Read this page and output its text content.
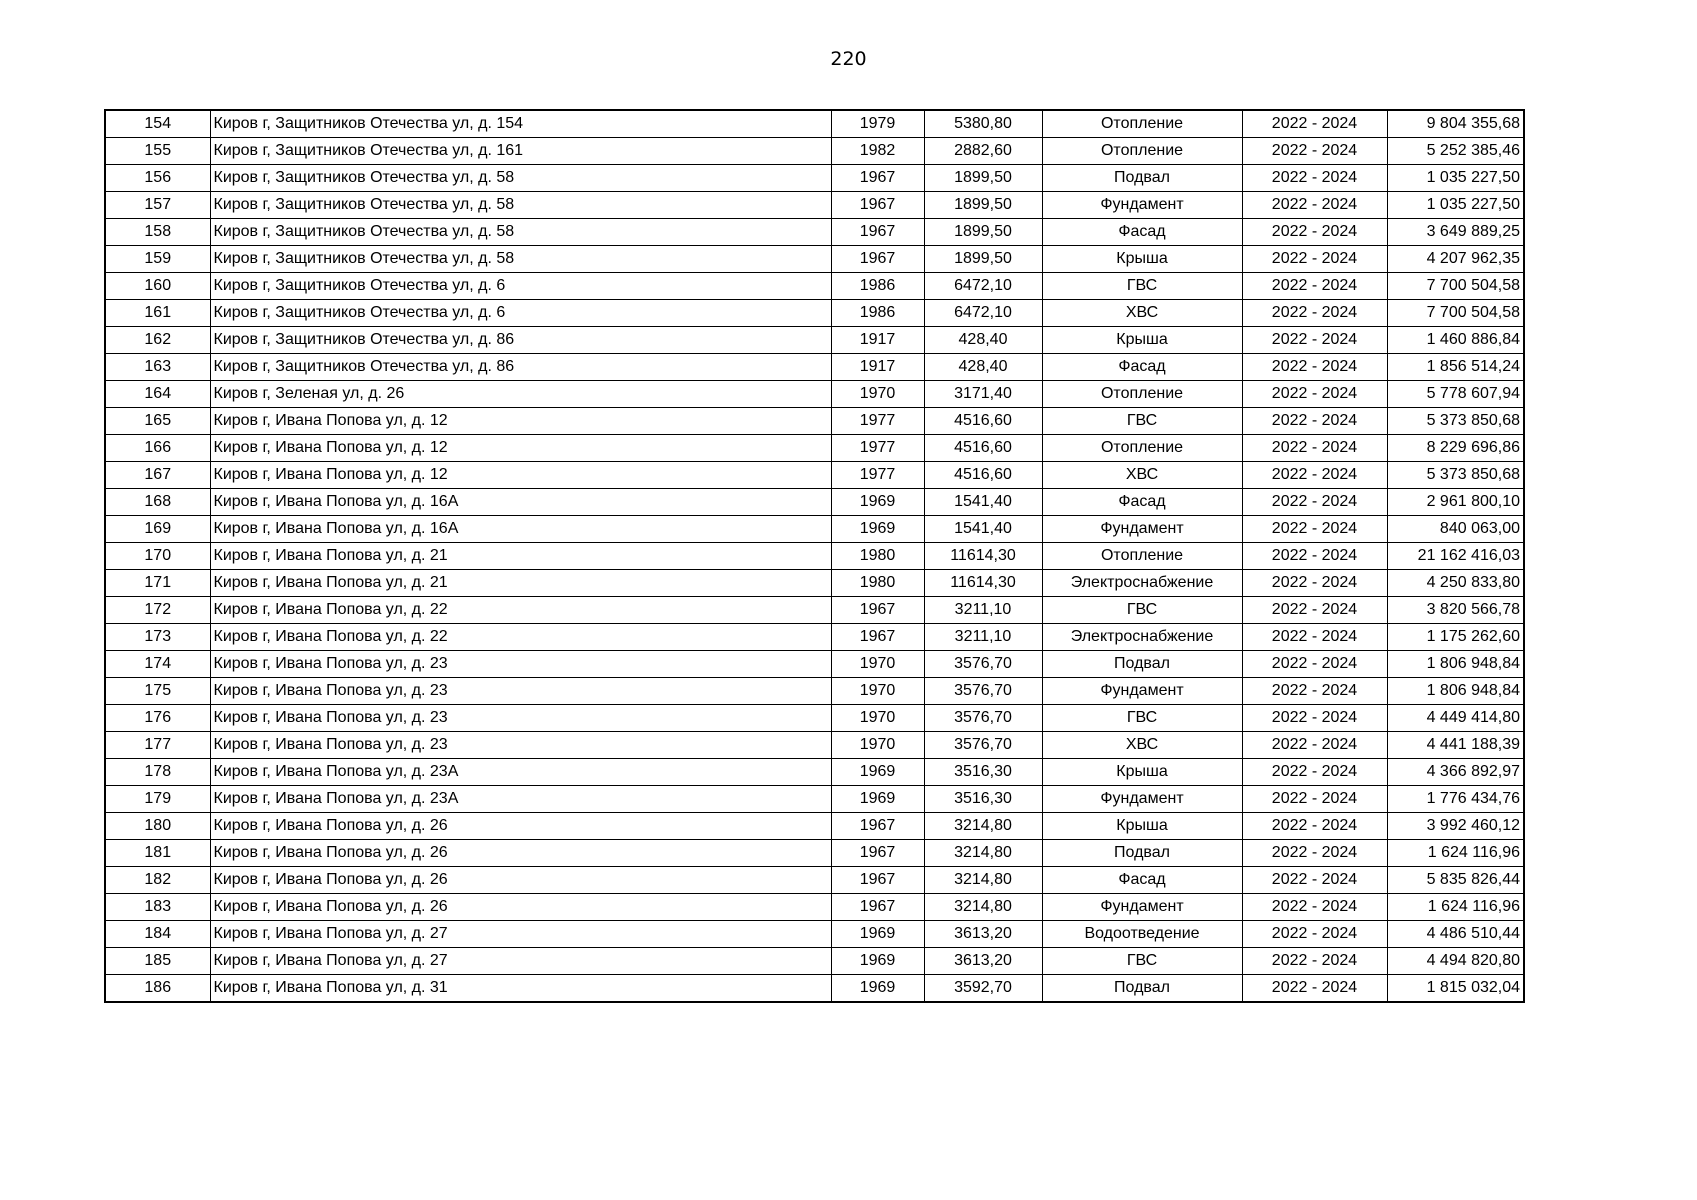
220
154	Киров г, Защитников Отечества ул, д. 154	1979	5380,80	Отопление	2022 - 2024	9 804 355,68
155	Киров г, Защитников Отечества ул, д. 161	1982	2882,60	Отопление	2022 - 2024	5 252 385,46
156	Киров г, Защитников Отечества ул, д. 58	1967	1899,50	Подвал	2022 - 2024	1 035 227,50
157	Киров г, Защитников Отечества ул, д. 58	1967	1899,50	Фундамент	2022 - 2024	1 035 227,50
158	Киров г, Защитников Отечества ул, д. 58	1967	1899,50	Фасад	2022 - 2024	3 649 889,25
159	Киров г, Защитников Отечества ул, д. 58	1967	1899,50	Крыша	2022 - 2024	4 207 962,35
160	Киров г, Защитников Отечества ул, д. 6	1986	6472,10	ГВС	2022 - 2024	7 700 504,58
161	Киров г, Защитников Отечества ул, д. 6	1986	6472,10	ХВС	2022 - 2024	7 700 504,58
162	Киров г, Защитников Отечества ул, д. 86	1917	428,40	Крыша	2022 - 2024	1 460 886,84
163	Киров г, Защитников Отечества ул, д. 86	1917	428,40	Фасад	2022 - 2024	1 856 514,24
164	Киров г, Зеленая ул, д. 26	1970	3171,40	Отопление	2022 - 2024	5 778 607,94
165	Киров г, Ивана Попова ул, д. 12	1977	4516,60	ГВС	2022 - 2024	5 373 850,68
166	Киров г, Ивана Попова ул, д. 12	1977	4516,60	Отопление	2022 - 2024	8 229 696,86
167	Киров г, Ивана Попова ул, д. 12	1977	4516,60	ХВС	2022 - 2024	5 373 850,68
168	Киров г, Ивана Попова ул, д. 16А	1969	1541,40	Фасад	2022 - 2024	2 961 800,10
169	Киров г, Ивана Попова ул, д. 16А	1969	1541,40	Фундамент	2022 - 2024	840 063,00
170	Киров г, Ивана Попова ул, д. 21	1980	11614,30	Отопление	2022 - 2024	21 162 416,03
171	Киров г, Ивана Попова ул, д. 21	1980	11614,30	Электроснабжение	2022 - 2024	4 250 833,80
172	Киров г, Ивана Попова ул, д. 22	1967	3211,10	ГВС	2022 - 2024	3 820 566,78
173	Киров г, Ивана Попова ул, д. 22	1967	3211,10	Электроснабжение	2022 - 2024	1 175 262,60
174	Киров г, Ивана Попова ул, д. 23	1970	3576,70	Подвал	2022 - 2024	1 806 948,84
175	Киров г, Ивана Попова ул, д. 23	1970	3576,70	Фундамент	2022 - 2024	1 806 948,84
176	Киров г, Ивана Попова ул, д. 23	1970	3576,70	ГВС	2022 - 2024	4 449 414,80
177	Киров г, Ивана Попова ул, д. 23	1970	3576,70	ХВС	2022 - 2024	4 441 188,39
178	Киров г, Ивана Попова ул, д. 23А	1969	3516,30	Крыша	2022 - 2024	4 366 892,97
179	Киров г, Ивана Попова ул, д. 23А	1969	3516,30	Фундамент	2022 - 2024	1 776 434,76
180	Киров г, Ивана Попова ул, д. 26	1967	3214,80	Крыша	2022 - 2024	3 992 460,12
181	Киров г, Ивана Попова ул, д. 26	1967	3214,80	Подвал	2022 - 2024	1 624 116,96
182	Киров г, Ивана Попова ул, д. 26	1967	3214,80	Фасад	2022 - 2024	5 835 826,44
183	Киров г, Ивана Попова ул, д. 26	1967	3214,80	Фундамент	2022 - 2024	1 624 116,96
184	Киров г, Ивана Попова ул, д. 27	1969	3613,20	Водоотведение	2022 - 2024	4 486 510,44
185	Киров г, Ивана Попова ул, д. 27	1969	3613,20	ГВС	2022 - 2024	4 494 820,80
186	Киров г, Ивана Попова ул, д. 31	1969	3592,70	Подвал	2022 - 2024	1 815 032,04
